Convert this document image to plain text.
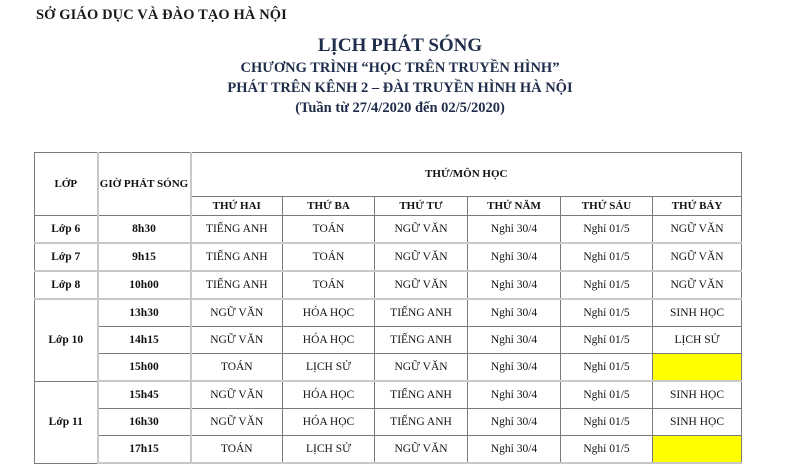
SỞ GIÁO DỤC VÀ ĐÀO TẠO HÀ NỘI
LỊCH PHÁT SÓNG
CHƯƠNG TRÌNH “HỌC TRÊN TRUYỀN HÌNH”
PHÁT TRÊN KÊNH 2 – ĐÀI TRUYỀN HÌNH HÀ NỘI
(Tuần từ 27/4/2020 đến 02/5/2020)
LỚP	GIỜ PHÁT SÓNG	THỨ/MÔN HỌC					
		THỨ HAI	THỨ BA	THỨ TƯ	THỨ NĂM	THỨ SÁU	THỨ BẢY
Lớp 6	8h30	TIẾNG ANH	TOÁN	NGỮ VĂN	Nghỉ 30/4	Nghỉ 01/5	NGỮ VĂN
Lớp 7	9h15	TIẾNG ANH	TOÁN	NGỮ VĂN	Nghỉ 30/4	Nghỉ 01/5	NGỮ VĂN
Lớp 8	10h00	TIẾNG ANH	TOÁN	NGỮ VĂN	Nghỉ 30/4	Nghỉ 01/5	NGỮ VĂN
Lớp 10	13h30	NGỮ VĂN	HÓA HỌC	TIẾNG ANH	Nghỉ 30/4	Nghỉ 01/5	SINH HỌC
	14h15	NGỮ VĂN	HÓA HỌC	TIẾNG ANH	Nghỉ 30/4	Nghỉ 01/5	LỊCH SỬ
	15h00	TOÁN	LỊCH SỬ	NGỮ VĂN	Nghỉ 30/4	Nghỉ 01/5	
Lớp 11	15h45	NGỮ VĂN	HÓA HỌC	TIẾNG ANH	Nghỉ 30/4	Nghỉ 01/5	SINH HỌC
	16h30	NGỮ VĂN	HÓA HỌC	TIẾNG ANH	Nghỉ 30/4	Nghỉ 01/5	SINH HỌC
	17h15	TOÁN	LỊCH SỬ	NGỮ VĂN	Nghỉ 30/4	Nghỉ 01/5	
